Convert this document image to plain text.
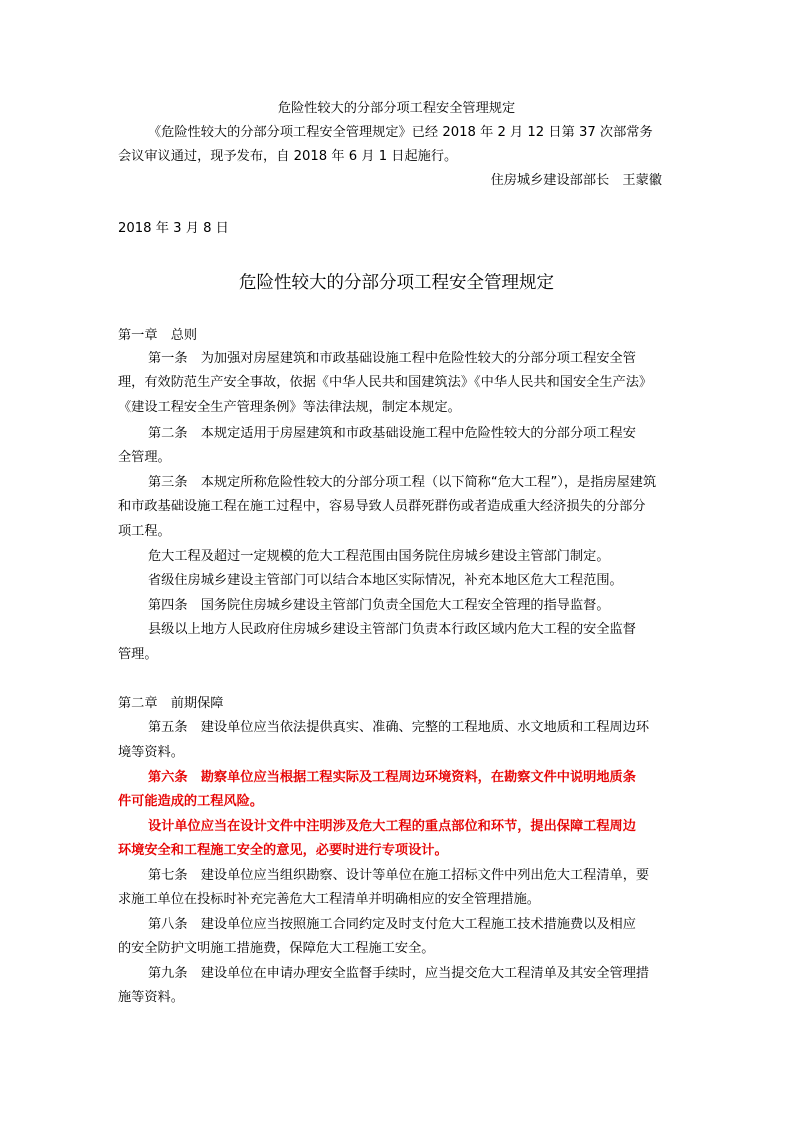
危险性较大的分部分项工程安全管理规定
《危险性较大的分部分项工程安全管理规定》已经 2018 年 2 月 12 日第 37 次部常务
会议审议通过，现予发布，自 2018 年 6 月 1 日起施行。
住房城乡建设部部长　王蒙徽
2018 年 3 月 8 日
危险性较大的分部分项工程安全管理规定
第一章　总则
第一条　为加强对房屋建筑和市政基础设施工程中危险性较大的分部分项工程安全管
理，有效防范生产安全事故，依据《中华人民共和国建筑法》《中华人民共和国安全生产法》
《建设工程安全生产管理条例》等法律法规，制定本规定。
第二条　本规定适用于房屋建筑和市政基础设施工程中危险性较大的分部分项工程安
全管理。
第三条　本规定所称危险性较大的分部分项工程（以下简称“危大工程”），是指房屋建筑
和市政基础设施工程在施工过程中，容易导致人员群死群伤或者造成重大经济损失的分部分
项工程。
危大工程及超过一定规模的危大工程范围由国务院住房城乡建设主管部门制定。
省级住房城乡建设主管部门可以结合本地区实际情况，补充本地区危大工程范围。
第四条　国务院住房城乡建设主管部门负责全国危大工程安全管理的指导监督。
县级以上地方人民政府住房城乡建设主管部门负责本行政区域内危大工程的安全监督
管理。
第二章　前期保障
第五条　建设单位应当依法提供真实、准确、完整的工程地质、水文地质和工程周边环
境等资料。
第六条　勘察单位应当根据工程实际及工程周边环境资料，在勘察文件中说明地质条
件可能造成的工程风险。
设计单位应当在设计文件中注明涉及危大工程的重点部位和环节，提出保障工程周边
环境安全和工程施工安全的意见，必要时进行专项设计。
第七条　建设单位应当组织勘察、设计等单位在施工招标文件中列出危大工程清单，要
求施工单位在投标时补充完善危大工程清单并明确相应的安全管理措施。
第八条　建设单位应当按照施工合同约定及时支付危大工程施工技术措施费以及相应
的安全防护文明施工措施费，保障危大工程施工安全。
第九条　建设单位在申请办理安全监督手续时，应当提交危大工程清单及其安全管理措
施等资料。
